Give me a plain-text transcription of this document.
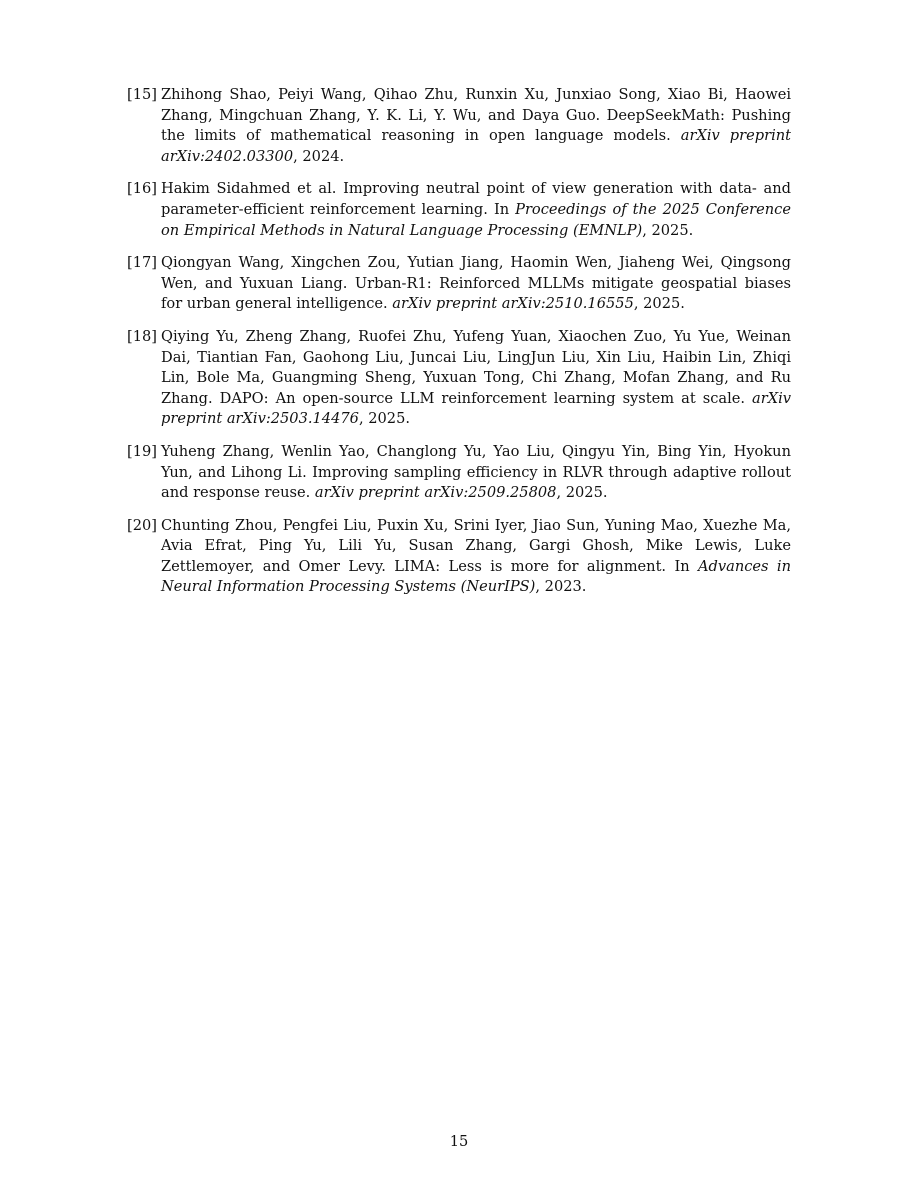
[15] Zhihong Shao, Peiyi Wang, Qihao Zhu, Runxin Xu, Junxiao Song, Xiao Bi, Haowei Zhang, Mingchuan Zhang, Y. K. Li, Y. Wu, and Daya Guo. DeepSeekMath: Pushing the limits of mathematical reasoning in open language models. arXiv preprint arXiv:2402.03300, 2024.
[16] Hakim Sidahmed et al. Improving neutral point of view generation with data- and parameter-efficient reinforcement learning. In Proceedings of the 2025 Conference on Empirical Methods in Natural Language Processing (EMNLP), 2025.
[17] Qiongyan Wang, Xingchen Zou, Yutian Jiang, Haomin Wen, Jiaheng Wei, Qingsong Wen, and Yuxuan Liang. Urban-R1: Reinforced MLLMs mitigate geospatial biases for urban general intelligence. arXiv preprint arXiv:2510.16555, 2025.
[18] Qiying Yu, Zheng Zhang, Ruofei Zhu, Yufeng Yuan, Xiaochen Zuo, Yu Yue, Weinan Dai, Tiantian Fan, Gaohong Liu, Juncai Liu, LingJun Liu, Xin Liu, Haibin Lin, Zhiqi Lin, Bole Ma, Guangming Sheng, Yuxuan Tong, Chi Zhang, Mofan Zhang, and Ru Zhang. DAPO: An open-source LLM reinforcement learning system at scale. arXiv preprint arXiv:2503.14476, 2025.
[19] Yuheng Zhang, Wenlin Yao, Changlong Yu, Yao Liu, Qingyu Yin, Bing Yin, Hyokun Yun, and Lihong Li. Improving sampling efficiency in RLVR through adaptive rollout and response reuse. arXiv preprint arXiv:2509.25808, 2025.
[20] Chunting Zhou, Pengfei Liu, Puxin Xu, Srini Iyer, Jiao Sun, Yuning Mao, Xuezhe Ma, Avia Efrat, Ping Yu, Lili Yu, Susan Zhang, Gargi Ghosh, Mike Lewis, Luke Zettlemoyer, and Omer Levy. LIMA: Less is more for alignment. In Advances in Neural Information Processing Systems (NeurIPS), 2023.
15
